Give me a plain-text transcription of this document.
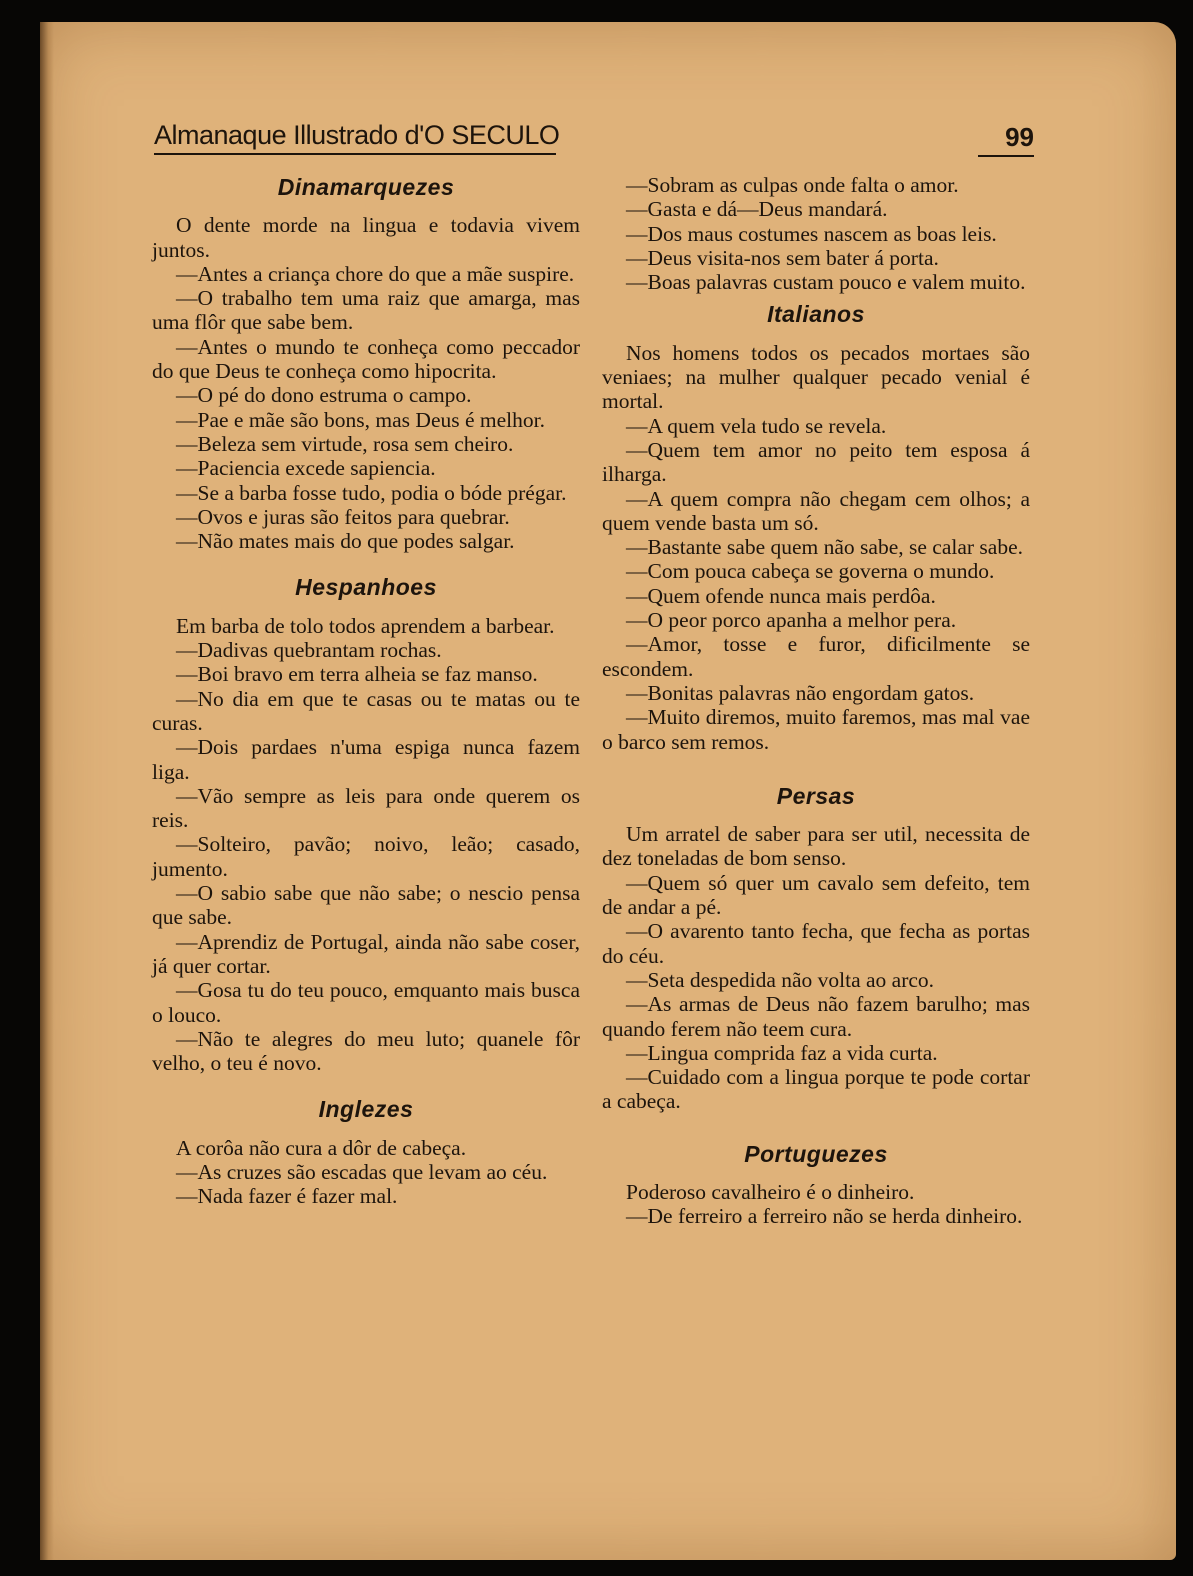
Almanaque Illustrado d'O SECULO	99
Dinamarquezes

O dente morde na lingua e todavia vivem juntos.

—Antes a criança chore do que a mãe suspire.

—O trabalho tem uma raiz que amarga, mas uma flôr que sabe bem.

—Antes o mundo te conheça como peccador do que Deus te conheça como hipocrita.

—O pé do dono estruma o campo.

—Pae e mãe são bons, mas Deus é melhor.

—Beleza sem virtude, rosa sem cheiro.

—Paciencia excede sapiencia.

—Se a barba fosse tudo, podia o bóde prégar.

—Ovos e juras são feitos para quebrar.

—Não mates mais do que podes salgar.

Hespanhoes

Em barba de tolo todos aprendem a barbear.

—Dadivas quebrantam rochas.

—Boi bravo em terra alheia se faz manso.

—No dia em que te casas ou te matas ou te curas.

—Dois pardaes n'uma espiga nunca fazem liga.

—Vão sempre as leis para onde querem os reis.

—Solteiro, pavão; noivo, leão; casado, jumento.

—O sabio sabe que não sabe; o nescio pensa que sabe.

—Aprendiz de Portugal, ainda não sabe coser, já quer cortar.

—Gosa tu do teu pouco, emquanto mais busca o louco.

—Não te alegres do meu luto; quanele fôr velho, o teu é novo.

Inglezes

A corôa não cura a dôr de cabeça.

—As cruzes são escadas que levam ao céu.

—Nada fazer é fazer mal.

—Sobram as culpas onde falta o amor.

—Gasta e dá—Deus mandará.

—Dos maus costumes nascem as boas leis.

—Deus visita-nos sem bater á porta.

—Boas palavras custam pouco e valem muito.

Italianos

Nos homens todos os pecados mortaes são veniaes; na mulher qualquer pecado venial é mortal.

—A quem vela tudo se revela.

—Quem tem amor no peito tem esposa á ilharga.

—A quem compra não chegam cem olhos; a quem vende basta um só.

—Bastante sabe quem não sabe, se calar sabe.

—Com pouca cabeça se governa o mundo.

—Quem ofende nunca mais perdôa.

—O peor porco apanha a melhor pera.

—Amor, tosse e furor, dificilmente se escondem.

—Bonitas palavras não engordam gatos.

—Muito diremos, muito faremos, mas mal vae o barco sem remos.

Persas

Um arratel de saber para ser util, necessita de dez toneladas de bom senso.

—Quem só quer um cavalo sem defeito, tem de andar a pé.

—O avarento tanto fecha, que fecha as portas do céu.

—Seta despedida não volta ao arco.

—As armas de Deus não fazem barulho; mas quando ferem não teem cura.

—Lingua comprida faz a vida curta.

—Cuidado com a lingua porque te pode cortar a cabeça.

Portuguezes

Poderoso cavalheiro é o dinheiro.

—De ferreiro a ferreiro não se herda dinheiro.
